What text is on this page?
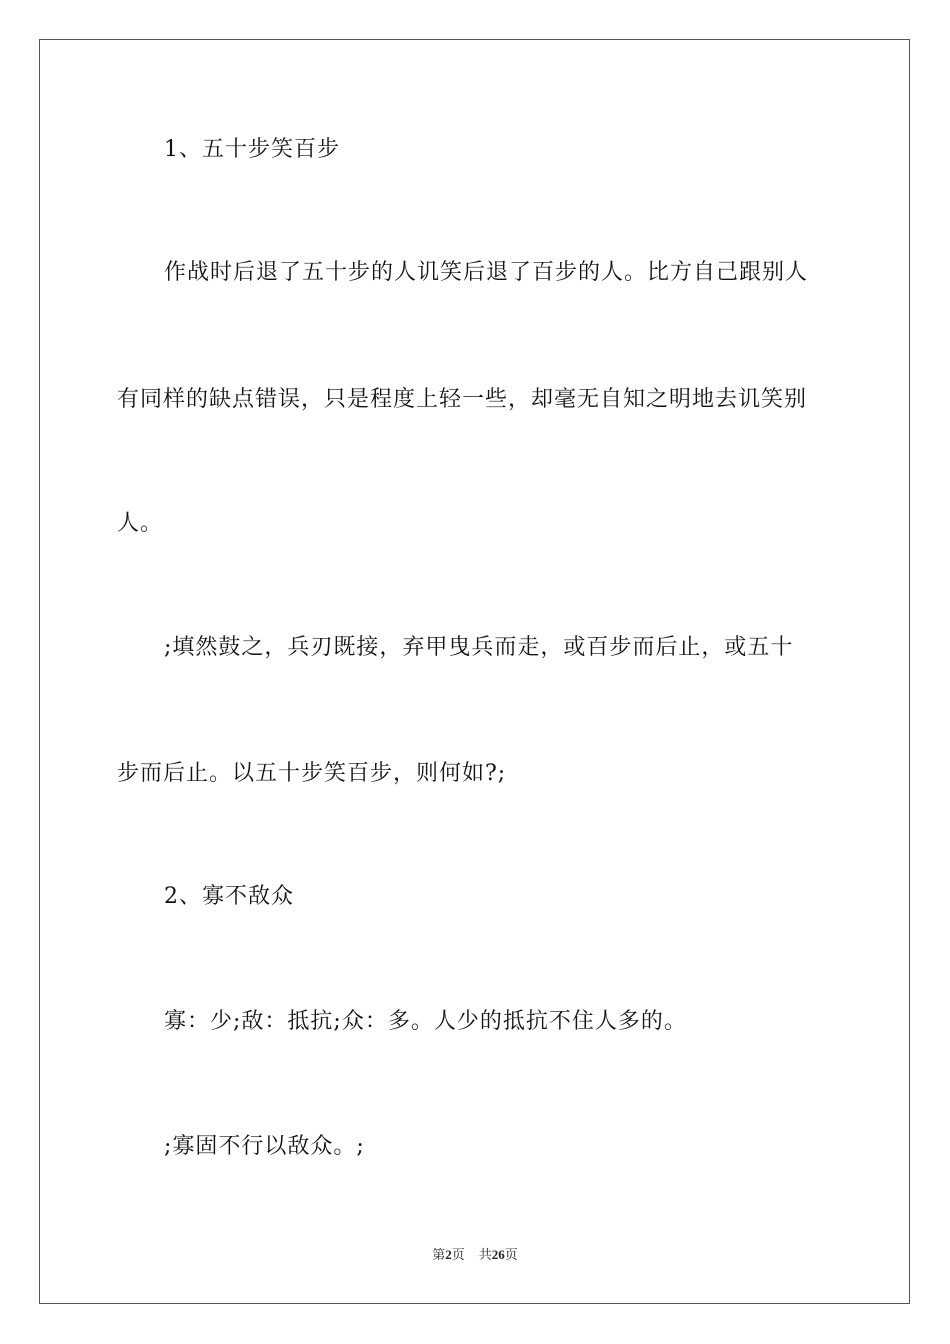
1、五十步笑百步
作战时后退了五十步的人讥笑后退了百步的人。比方自己跟别人
有同样的缺点错误，只是程度上轻一些，却毫无自知之明地去讥笑别
人。
;填然鼓之，兵刃既接，弃甲曳兵而走，或百步而后止，或五十
步而后止。以五十步笑百步，则何如?;
2、寡不敌众
寡：少;敌：抵抗;众：多。人少的抵抗不住人多的。
;寡固不行以敌众。;
第2页 共26页
